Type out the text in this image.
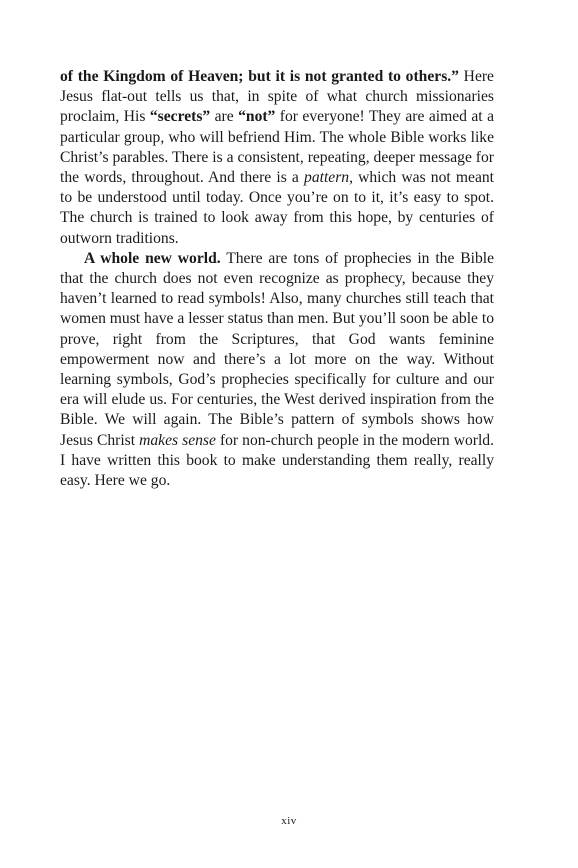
of the Kingdom of Heaven; but it is not granted to others.” Here Jesus flat-out tells us that, in spite of what church missionaries proclaim, His “secrets” are “not” for everyone! They are aimed at a particular group, who will befriend Him. The whole Bible works like Christ’s parables. There is a consistent, repeating, deeper message for the words, throughout. And there is a pattern, which was not meant to be understood until today. Once you’re on to it, it’s easy to spot. The church is trained to look away from this hope, by centuries of outworn traditions.

A whole new world. There are tons of prophecies in the Bible that the church does not even recognize as prophecy, because they haven’t learned to read symbols! Also, many churches still teach that women must have a lesser status than men. But you’ll soon be able to prove, right from the Scriptures, that God wants feminine empowerment now and there’s a lot more on the way. Without learning symbols, God’s prophecies specifically for culture and our era will elude us. For centuries, the West derived inspiration from the Bible. We will again. The Bible’s pattern of symbols shows how Jesus Christ makes sense for non-church people in the modern world. I have written this book to make understanding them really, really easy. Here we go.

xiv
